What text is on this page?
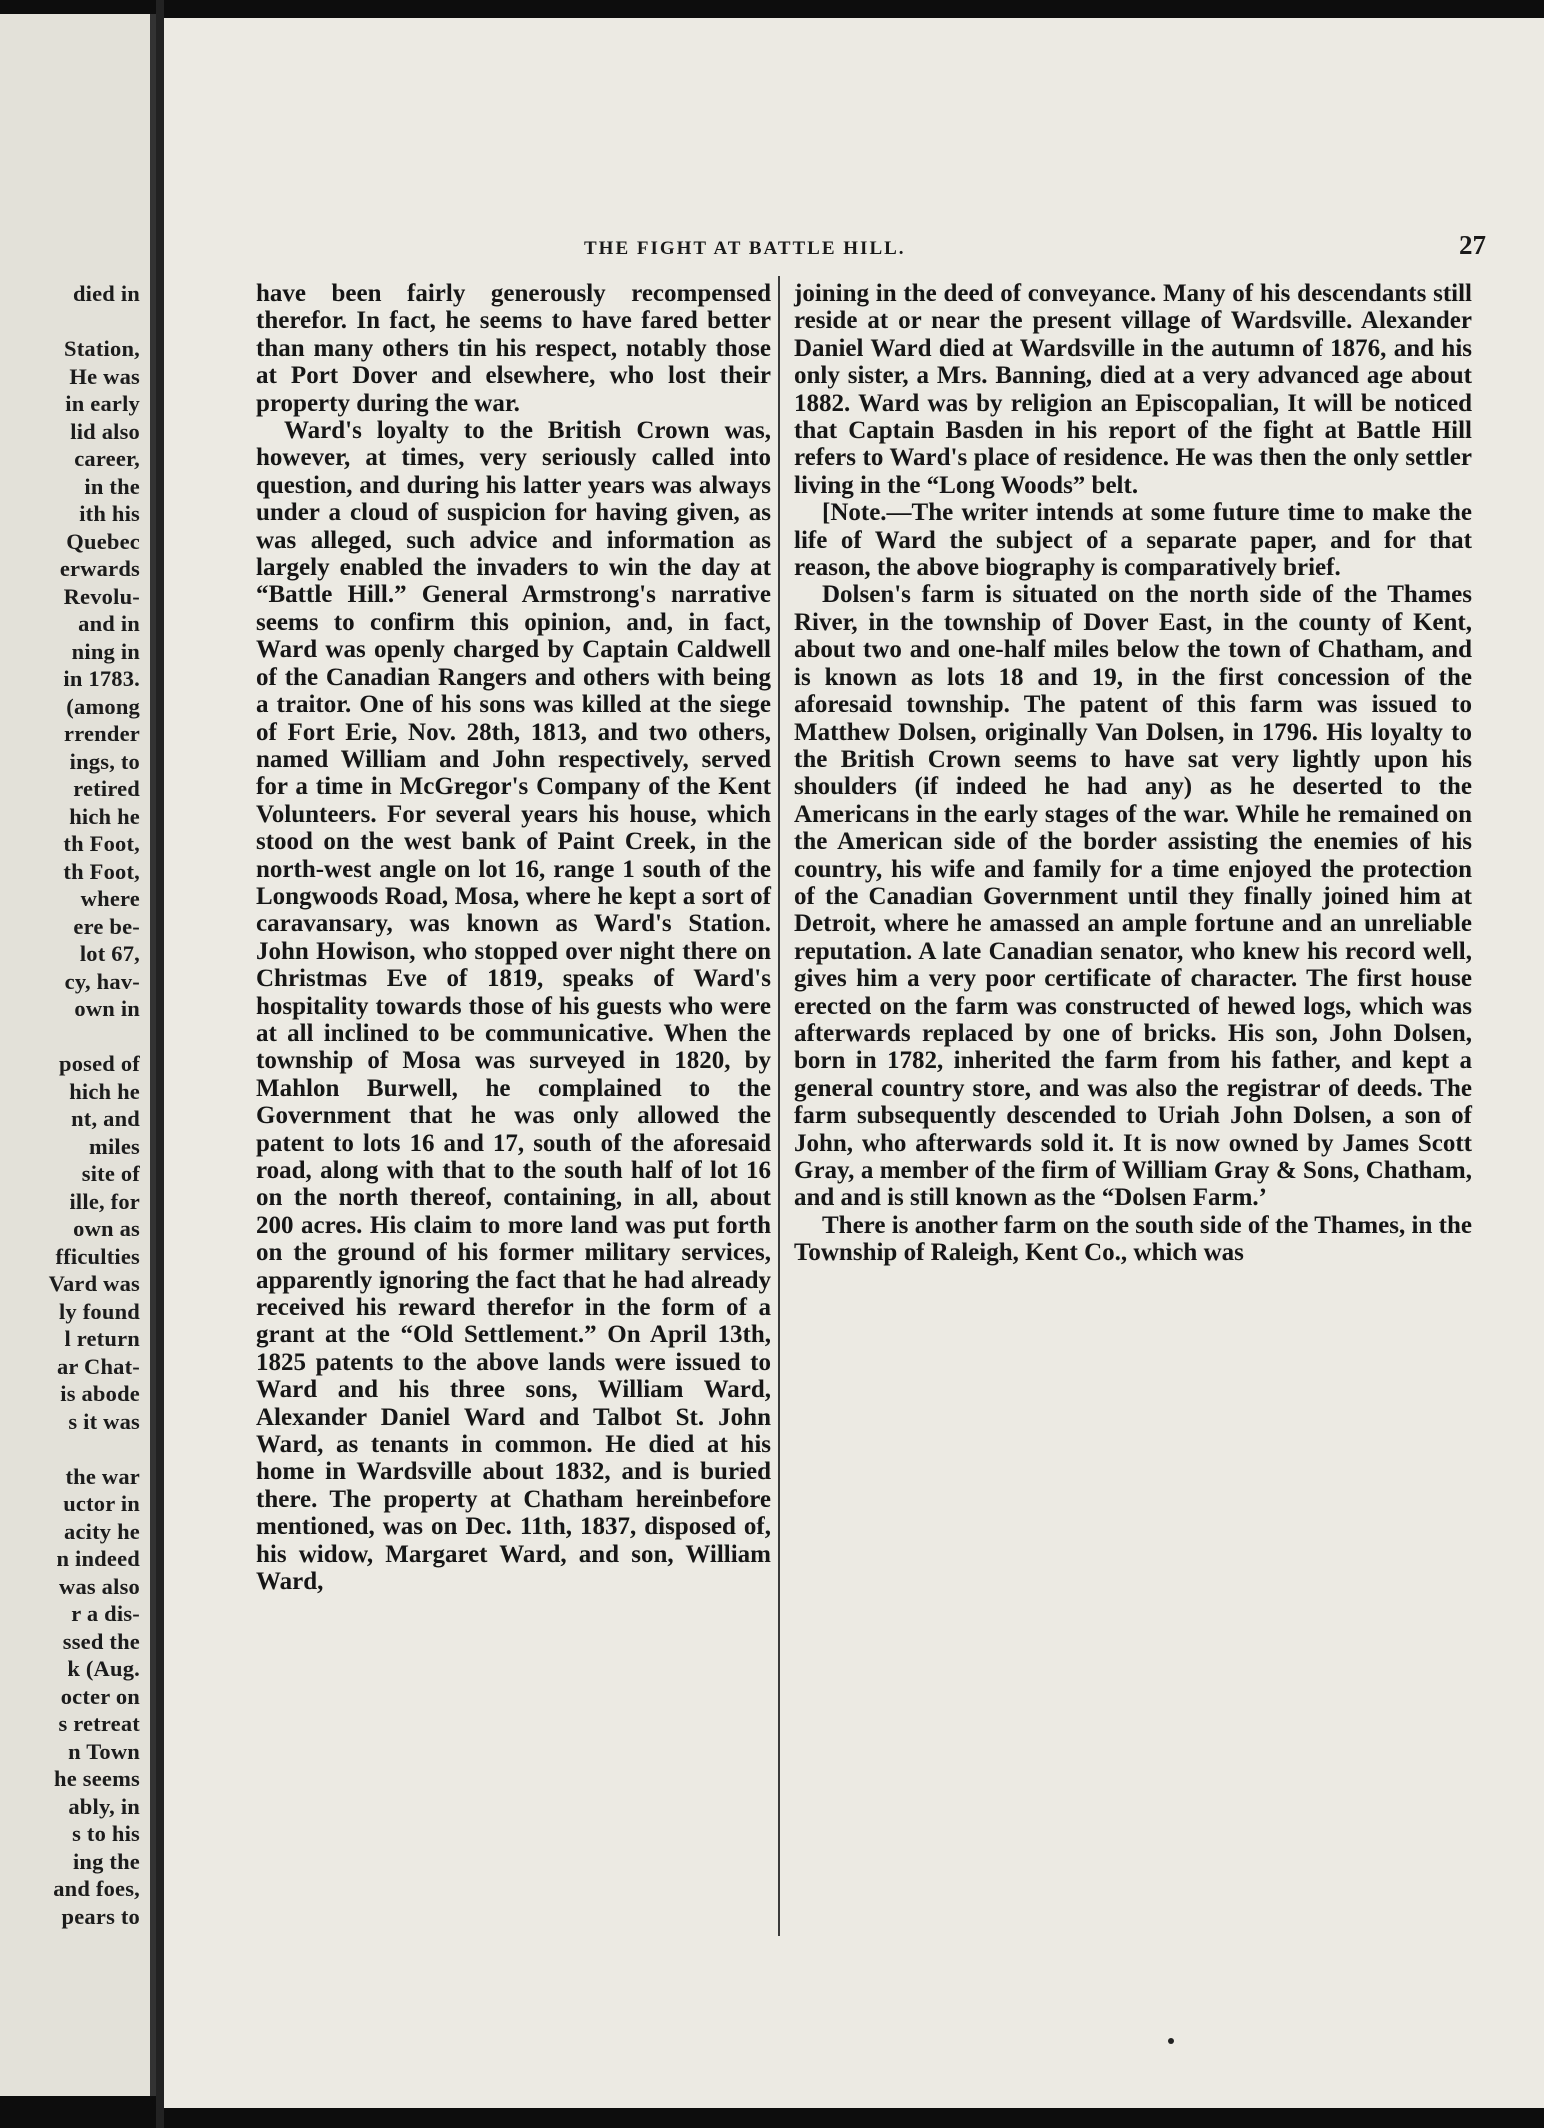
died in
Station,
He was
in early
lid also
career,
in the
ith his
Quebec
erwards
Revolu-
and in
ning in
in 1783.
(among
rrender
ings, to
retired
hich he
th Foot,
th Foot,
where
ere be-
lot 67,
cy, hav-
own in
posed of
hich he
nt, and
miles
site of
ille, for
own as
fficulties
Vard was
ly found
l return
ar Chat-
is abode
s it was
the war
uctor in
acity he
n indeed
was also
r a dis-
ssed the
k (Aug.
octer on
s retreat
n Town
he seems
ably, in
s to his
ing the
and foes,
pears to
THE FIGHT AT BATTLE HILL.	27

have been fairly generously recompensed therefor. In fact, he seems to have fared better than many others tin his respect, notably those at Port Dover and elsewhere, who lost their property during the war.

Ward's loyalty to the British Crown was, however, at times, very seriously called into question, and during his latter years was always under a cloud of suspicion for having given, as was alleged, such advice and information as largely enabled the invaders to win the day at “Battle Hill.” General Armstrong's narrative seems to confirm this opinion, and, in fact, Ward was openly charged by Captain Caldwell of the Canadian Rangers and others with being a traitor. One of his sons was killed at the siege of Fort Erie, Nov. 28th, 1813, and two others, named William and John respectively, served for a time in McGregor's Company of the Kent Volunteers. For several years his house, which stood on the west bank of Paint Creek, in the north-west angle on lot 16, range 1 south of the Longwoods Road, Mosa, where he kept a sort of caravansary, was known as Ward's Station. John Howison, who stopped over night there on Christmas Eve of 1819, speaks of Ward's hospitality towards those of his guests who were at all inclined to be communicative. When the township of Mosa was surveyed in 1820, by Mahlon Burwell, he complained to the Government that he was only allowed the patent to lots 16 and 17, south of the aforesaid road, along with that to the south half of lot 16 on the north thereof, containing, in all, about 200 acres. His claim to more land was put forth on the ground of his former military services, apparently ignoring the fact that he had already received his reward therefor in the form of a grant at the “Old Settlement.” On April 13th, 1825 patents to the above lands were issued to Ward and his three sons, William Ward, Alexander Daniel Ward and Talbot St. John Ward, as tenants in common. He died at his home in Wardsville about 1832, and is buried there. The property at Chatham hereinbefore mentioned, was on Dec. 11th, 1837, disposed of, his widow, Margaret Ward, and son, William Ward,

joining in the deed of conveyance. Many of his descendants still reside at or near the present village of Wardsville. Alexander Daniel Ward died at Wardsville in the autumn of 1876, and his only sister, a Mrs. Banning, died at a very advanced age about 1882. Ward was by religion an Episcopalian, It will be noticed that Captain Basden in his report of the fight at Battle Hill refers to Ward's place of residence. He was then the only settler living in the “Long Woods” belt.

[Note.—The writer intends at some future time to make the life of Ward the subject of a separate paper, and for that reason, the above biography is comparatively brief.

Dolsen's farm is situated on the north side of the Thames River, in the township of Dover East, in the county of Kent, about two and one-half miles below the town of Chatham, and is known as lots 18 and 19, in the first concession of the aforesaid township. The patent of this farm was issued to Matthew Dolsen, originally Van Dolsen, in 1796. His loyalty to the British Crown seems to have sat very lightly upon his shoulders (if indeed he had any) as he deserted to the Americans in the early stages of the war. While he remained on the American side of the border assisting the enemies of his country, his wife and family for a time enjoyed the protection of the Canadian Government until they finally joined him at Detroit, where he amassed an ample fortune and an unreliable reputation. A late Canadian senator, who knew his record well, gives him a very poor certificate of character. The first house erected on the farm was constructed of hewed logs, which was afterwards replaced by one of bricks. His son, John Dolsen, born in 1782, inherited the farm from his father, and kept a general country store, and was also the registrar of deeds. The farm subsequently descended to Uriah John Dolsen, a son of John, who afterwards sold it. It is now owned by James Scott Gray, a member of the firm of William Gray & Sons, Chatham, and and is still known as the “Dolsen Farm.’

There is another farm on the south side of the Thames, in the Township of Raleigh, Kent Co., which was
